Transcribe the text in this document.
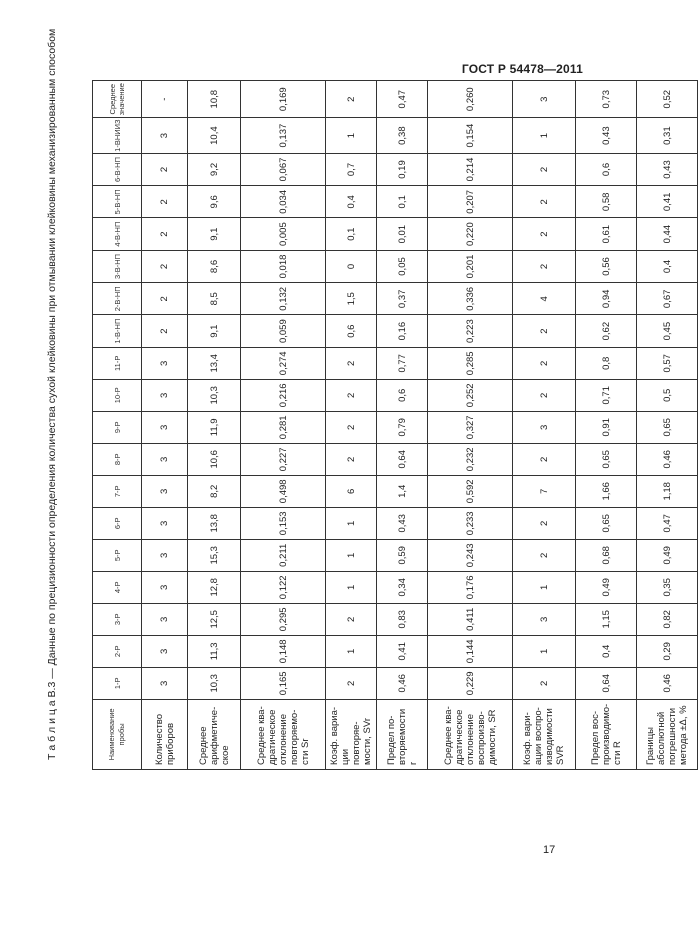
ГОСТ Р 54478—2011
Т а б л и ц а В.3 — Данные по прецизионности определения количества сухой клейковины при отмывании клейковины механизированным способом
Наименование пробы	1-Р	2-Р	3-Р	4-Р	5-Р	6-Р	7-Р	8-Р	9-Р	10-Р	11-Р	1-В-НП	2-В-НП	3-В-НП	4-В-НП	5-В-НП	6-В-НП	1-ВНИИЗ	Среднее значение
Количество приборов	3	3	3	3	3	3	3	3	3	3	3	2	2	2	2	2	2	3	-
Среднее арифметиче-ское	10,3	11,3	12,5	12,8	15,3	13,8	8,2	10,6	11,9	10,3	13,4	9,1	8,5	8,6	9,1	9,6	9,2	10,4	10,8
Среднее ква-дратическое отклонение повторяемо-сти Sr	0,165	0,148	0,295	0,122	0,211	0,153	0,498	0,227	0,281	0,216	0,274	0,059	0,132	0,018	0,005	0,034	0,067	0,137	0,169
Коэф. вариа-ции повторяе-мости, SVr	2	1	2	1	1	1	6	2	2	2	2	0,6	1,5	0	0,1	0,4	0,7	1	2
Предел по-вторяемости r	0,46	0,41	0,83	0,34	0,59	0,43	1,4	0,64	0,79	0,6	0,77	0,16	0,37	0,05	0,01	0,1	0,19	0,38	0,47
Среднее ква-дратическое отклонение воспроизво-димости, SR	0,229	0,144	0,411	0,176	0,243	0,233	0,592	0,232	0,327	0,252	0,285	0,223	0,336	0,201	0,220	0,207	0,214	0,154	0,260
Коэф. вари-ации воспро-изводимости SVR	2	1	3	1	2	2	7	2	3	2	2	2	4	2	2	2	2	1	3
Предел вос-производимо-сти R	0,64	0,4	1,15	0,49	0,68	0,65	1,66	0,65	0,91	0,71	0,8	0,62	0,94	0,56	0,61	0,58	0,6	0,43	0,73
Границы абсолютной погрешности метода ±Δ, %	0,46	0,29	0,82	0,35	0,49	0,47	1,18	0,46	0,65	0,5	0,57	0,45	0,67	0,4	0,44	0,41	0,43	0,31	0,52
17
